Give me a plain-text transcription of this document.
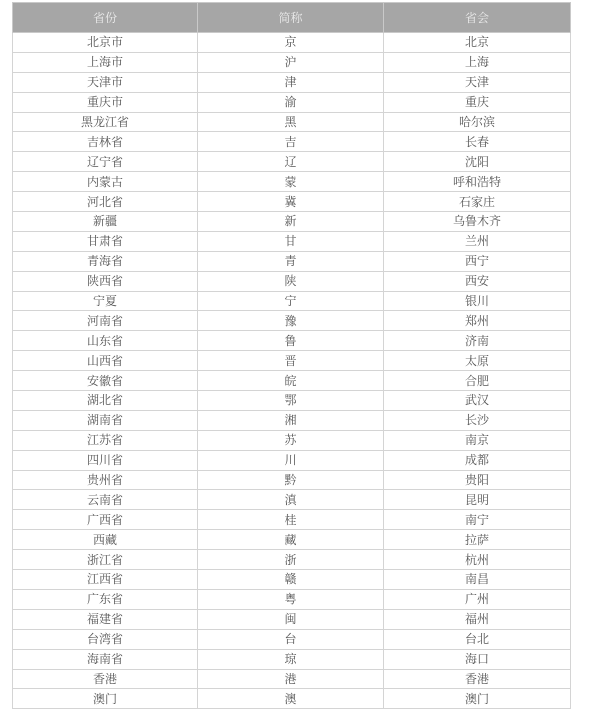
省份	简称	省会
北京市	京	北京
上海市	沪	上海
天津市	津	天津
重庆市	渝	重庆
黑龙江省	黑	哈尔滨
吉林省	吉	长春
辽宁省	辽	沈阳
内蒙古	蒙	呼和浩特
河北省	冀	石家庄
新疆	新	乌鲁木齐
甘肃省	甘	兰州
青海省	青	西宁
陕西省	陕	西安
宁夏	宁	银川
河南省	豫	郑州
山东省	鲁	济南
山西省	晋	太原
安徽省	皖	合肥
湖北省	鄂	武汉
湖南省	湘	长沙
江苏省	苏	南京
四川省	川	成都
贵州省	黔	贵阳
云南省	滇	昆明
广西省	桂	南宁
西藏	藏	拉萨
浙江省	浙	杭州
江西省	赣	南昌
广东省	粤	广州
福建省	闽	福州
台湾省	台	台北
海南省	琼	海口
香港	港	香港
澳门	澳	澳门
